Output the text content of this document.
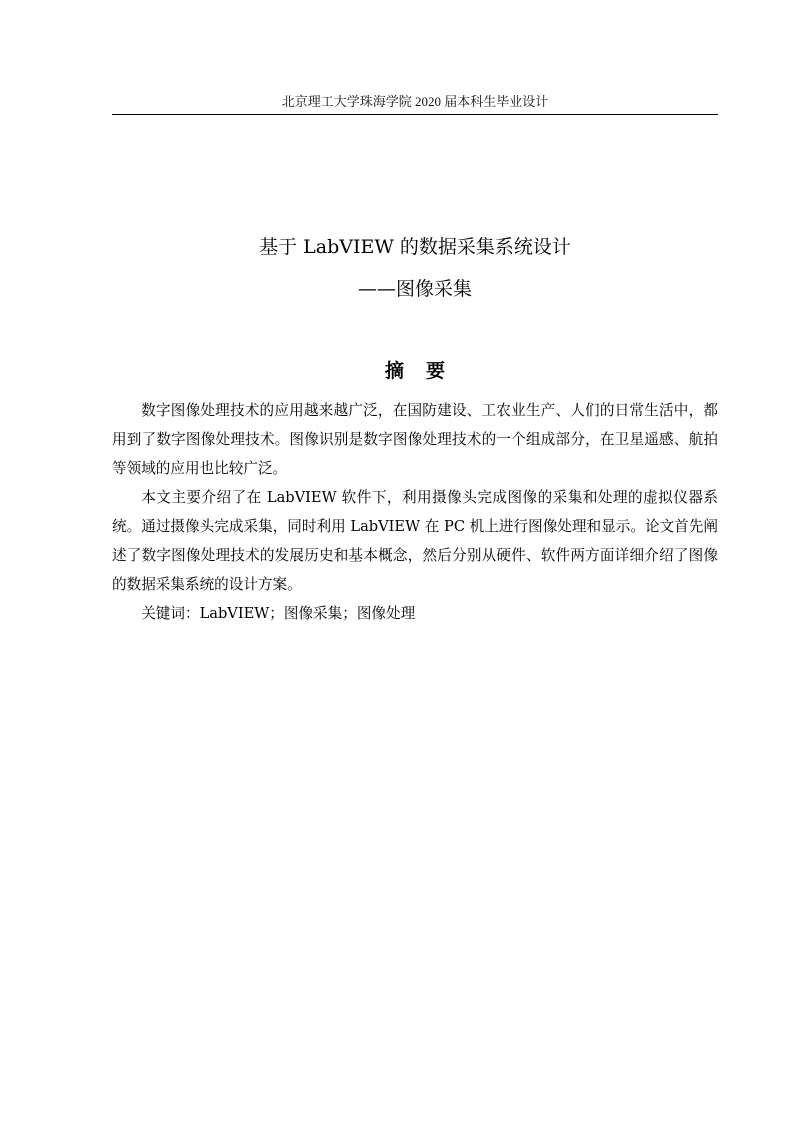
北京理工大学珠海学院 2020 届本科生毕业设计
基于 LabVIEW 的数据采集系统设计
——图像采集
摘要

数字图像处理技术的应用越来越广泛，在国防建设、工农业生产、人们的日常生活中，都用到了数字图像处理技术。图像识别是数字图像处理技术的一个组成部分，在卫星遥感、航拍等领域的应用也比较广泛。

本文主要介绍了在 LabVIEW 软件下，利用摄像头完成图像的采集和处理的虚拟仪器系统。通过摄像头完成采集，同时利用 LabVIEW 在 PC 机上进行图像处理和显示。论文首先阐述了数字图像处理技术的发展历史和基本概念，然后分别从硬件、软件两方面详细介绍了图像的数据采集系统的设计方案。

关键词：LabVIEW；图像采集；图像处理
